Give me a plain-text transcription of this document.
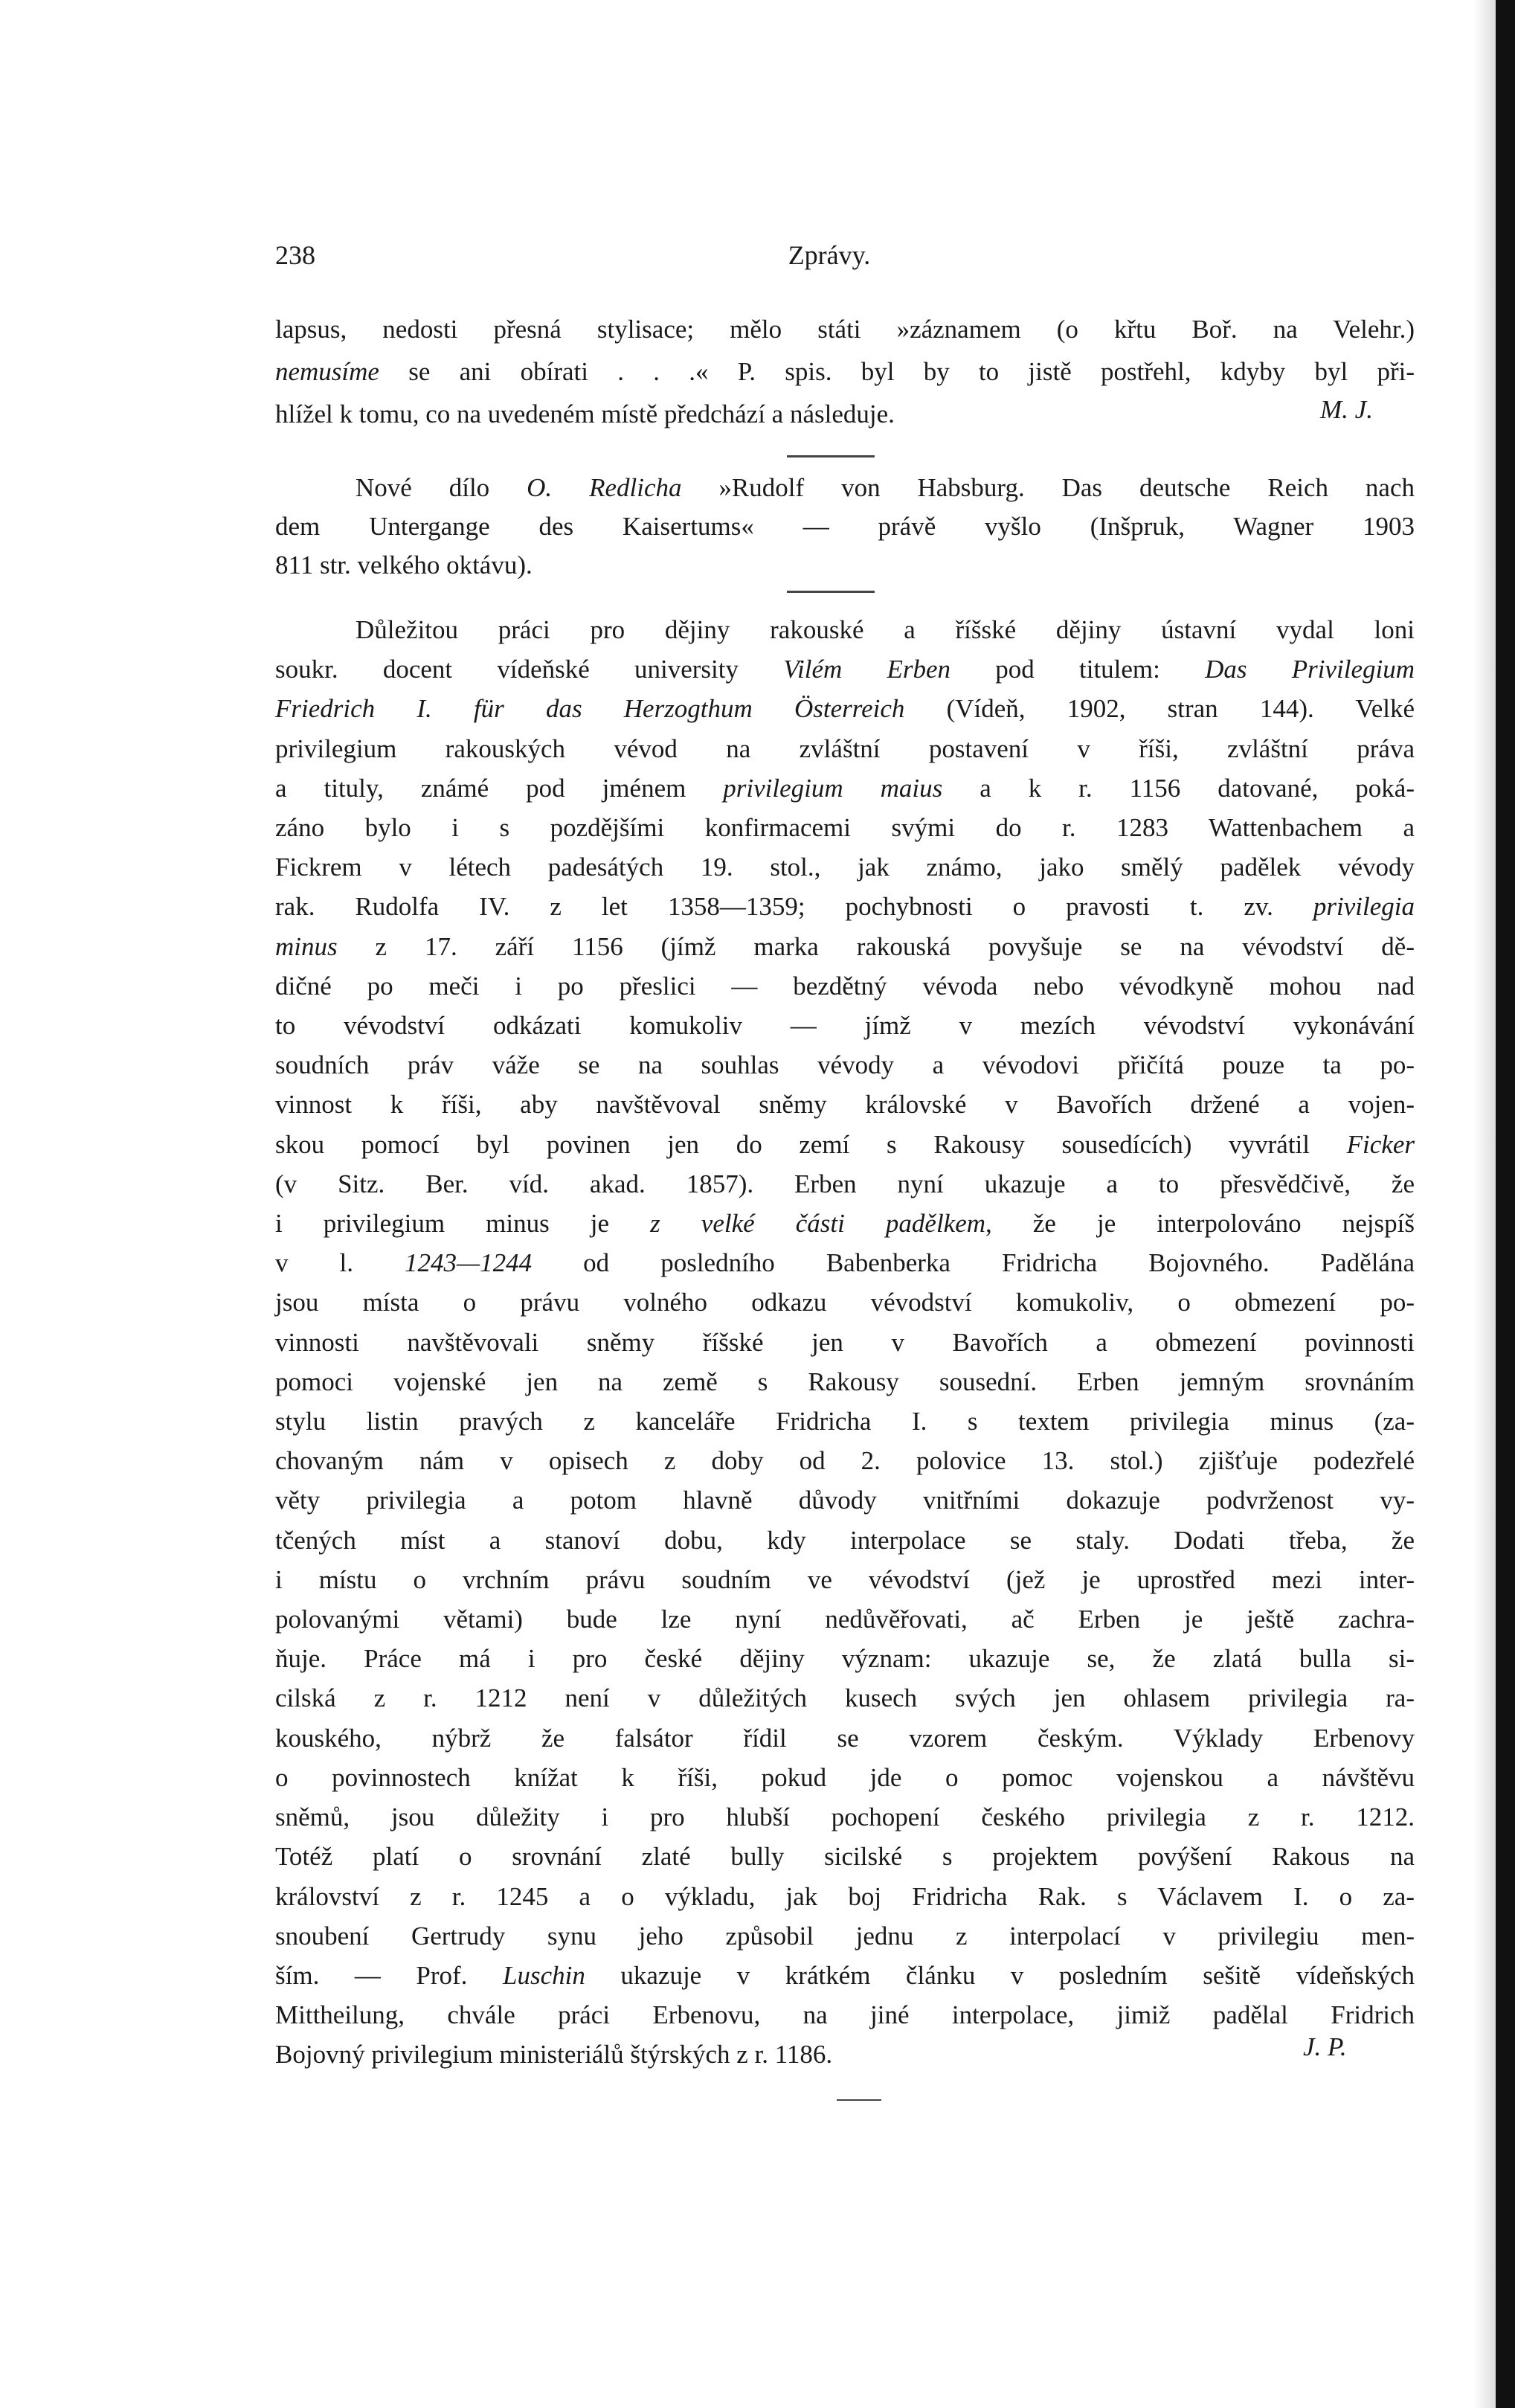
238	Zprávy.
lapsus, nedosti přesná stylisace; mělo státi »záznamem (o křtu Boř. na Velehr.)
nemusíme se ani obírati . . .« P. spis. byl by to jistě postřehl, kdyby byl při-
hlížel k tomu, co na uvedeném místě předchází a následuje.	M. J.
Nové dílo O. Redlicha »Rudolf von Habsburg. Das deutsche Reich nach
dem Untergange des Kaisertums« — právě vyšlo (Inšpruk, Wagner 1903
811 str. velkého oktávu).
Důležitou práci pro dějiny rakouské a říšské dějiny ústavní vydal loni
soukr. docent vídeňské university Vilém Erben pod titulem: Das Privilegium
Friedrich I. für das Herzogthum Österreich (Vídeň, 1902, stran 144). Velké
privilegium rakouských vévod na zvláštní postavení v říši, zvláštní práva
a tituly, známé pod jménem privilegium maius a k r. 1156 datované, poká-
záno bylo i s pozdějšími konfirmacemi svými do r. 1283 Wattenbachem a
Fickrem v létech padesátých 19. stol., jak známo, jako smělý padělek vévody
rak. Rudolfa IV. z let 1358—1359; pochybnosti o pravosti t. zv. privilegia
minus z 17. září 1156 (jímž marka rakouská povyšuje se na vévodství dě-
dičné po meči i po přeslici — bezdětný vévoda nebo vévodkyně mohou nad
to vévodství odkázati komukoliv — jímž v mezích vévodství vykonávání
soudních práv váže se na souhlas vévody a vévodovi přičítá pouze ta po-
vinnost k říši, aby navštěvoval sněmy královské v Bavořích držené a vojen-
skou pomocí byl povinen jen do zemí s Rakousy sousedících) vyvrátil Ficker
(v Sitz. Ber. víd. akad. 1857). Erben nyní ukazuje a to přesvědčivě, že
i privilegium minus je z velké části padělkem, že je interpolováno nejspíš
v l. 1243—1244 od posledního Babenberka Fridricha Bojovného. Padělána
jsou místa o právu volného odkazu vévodství komukoliv, o obmezení po-
vinnosti navštěvovali sněmy říšské jen v Bavořích a obmezení povinnosti
pomoci vojenské jen na země s Rakousy sousední. Erben jemným srovnáním
stylu listin pravých z kanceláře Fridricha I. s textem privilegia minus (za-
chovaným nám v opisech z doby od 2. polovice 13. stol.) zjišťuje podezřelé
věty privilegia a potom hlavně důvody vnitřními dokazuje podvrženost vy-
tčených míst a stanoví dobu, kdy interpolace se staly. Dodati třeba, že
i místu o vrchním právu soudním ve vévodství (jež je uprostřed mezi inter-
polovanými větami) bude lze nyní nedůvěřovati, ač Erben je ještě zachra-
ňuje. Práce má i pro české dějiny význam: ukazuje se, že zlatá bulla si-
cilská z r. 1212 není v důležitých kusech svých jen ohlasem privilegia ra-
kouského, nýbrž že falsátor řídil se vzorem českým. Výklady Erbenovy
o povinnostech knížat k říši, pokud jde o pomoc vojenskou a návštěvu
sněmů, jsou důležity i pro hlubší pochopení českého privilegia z r. 1212.
Totéž platí o srovnání zlaté bully sicilské s projektem povýšení Rakous na
království z r. 1245 a o výkladu, jak boj Fridricha Rak. s Václavem I. o za-
snoubení Gertrudy synu jeho způsobil jednu z interpolací v privilegiu men-
ším. — Prof. Luschin ukazuje v krátkém článku v posledním sešitě vídeňských
Mittheilung, chvále práci Erbenovu, na jiné interpolace, jimiž padělal Fridrich
Bojovný privilegium ministeriálů štýrských z r. 1186.	J. P.
